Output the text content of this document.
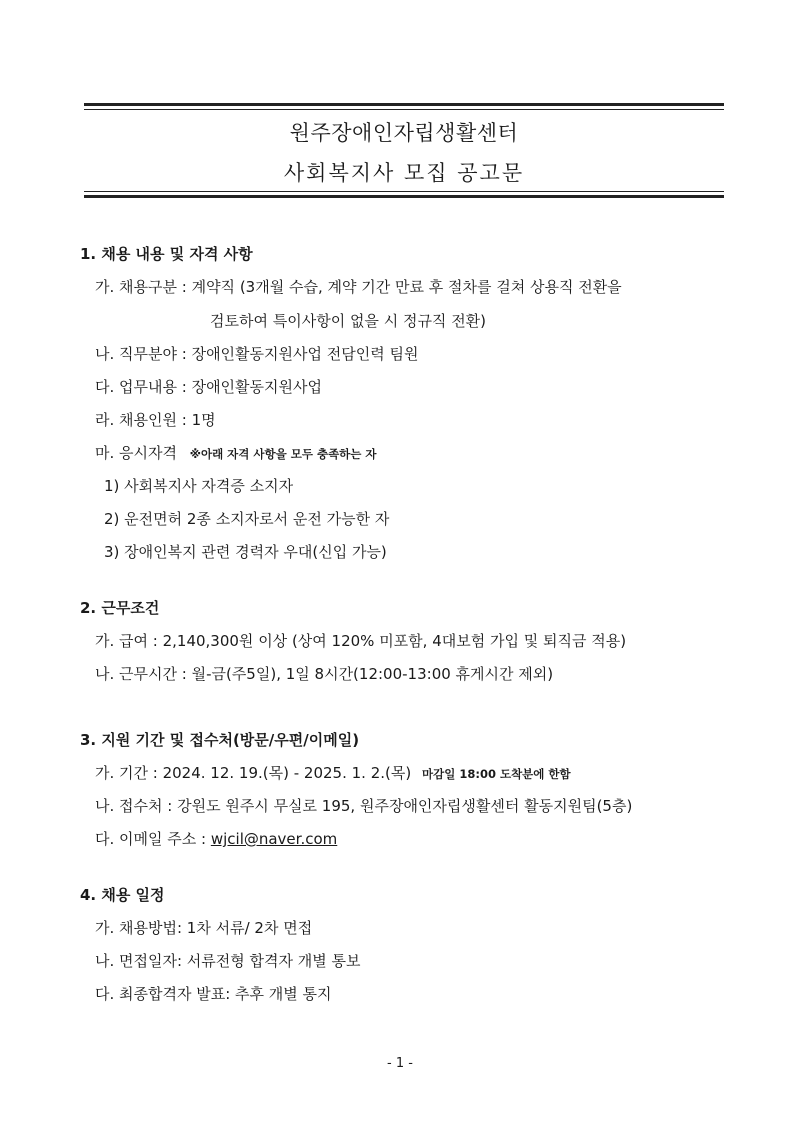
원주장애인자립생활센터
사회복지사 모집 공고문
1. 채용 내용 및 자격 사항
가. 채용구분 : 계약직 (3개월 수습, 계약 기간 만료 후 절차를 걸쳐 상용직 전환을
검토하여 특이사항이 없을 시 정규직 전환)
나. 직무분야 : 장애인활동지원사업 전담인력 팀원
다. 업무내용 : 장애인활동지원사업
라. 채용인원 : 1명
마. 응시자격 ※아래 자격 사항을 모두 충족하는 자
1) 사회복지사 자격증 소지자
2) 운전면허 2종 소지자로서 운전 가능한 자
3) 장애인복지 관련 경력자 우대(신입 가능)
2. 근무조건
가. 급여 : 2,140,300원 이상 (상여 120% 미포함, 4대보험 가입 및 퇴직금 적용)
나. 근무시간 : 월-금(주5일), 1일 8시간(12:00-13:00 휴게시간 제외)
3. 지원 기간 및 접수처(방문/우편/이메일)
가. 기간 : 2024. 12. 19.(목) - 2025. 1. 2.(목) 마감일 18:00 도착분에 한함
나. 접수처 : 강원도 원주시 무실로 195, 원주장애인자립생활센터 활동지원팀(5층)
다. 이메일 주소 : wjcil@naver.com
4. 채용 일정
가. 채용방법: 1차 서류/ 2차 면접
나. 면접일자: 서류전형 합격자 개별 통보
다. 최종합격자 발표: 추후 개별 통지
- 1 -
